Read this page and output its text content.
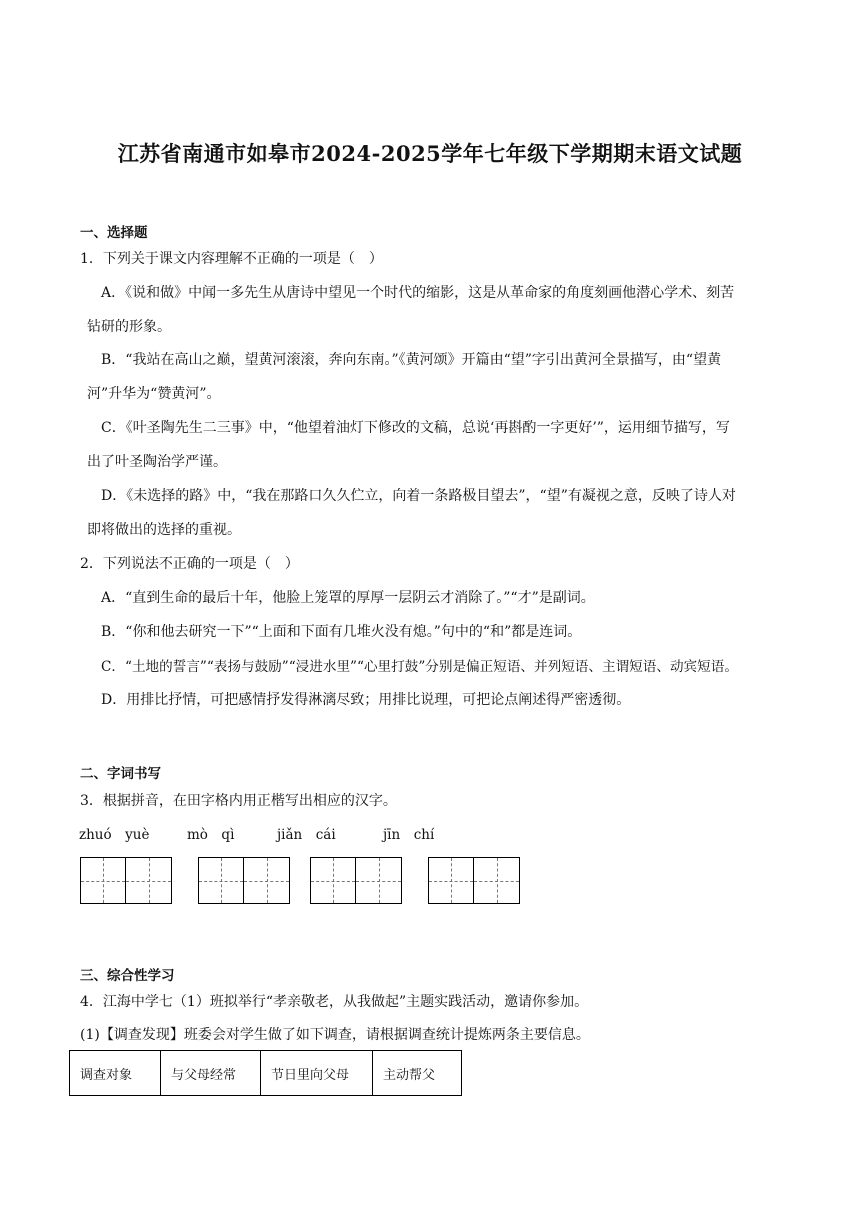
江苏省南通市如皋市2024-2025学年七年级下学期期末语文试题
一、选择题
1．下列关于课文内容理解不正确的一项是（　）
A．《说和做》中闻一多先生从唐诗中望见一个时代的缩影，这是从革命家的角度刻画他潜心学术、刻苦
钻研的形象。
B．“我站在高山之巅，望黄河滚滚，奔向东南。”《黄河颂》开篇由“望”字引出黄河全景描写，由“望黄
河”升华为“赞黄河”。
C．《叶圣陶先生二三事》中，“他望着油灯下修改的文稿，总说‘再斟酌一字更好’”，运用细节描写，写
出了叶圣陶治学严谨。
D．《未选择的路》中，“我在那路口久久伫立，向着一条路极目望去”，“望”有凝视之意，反映了诗人对
即将做出的选择的重视。
2．下列说法不正确的一项是（　）
A．“直到生命的最后十年，他脸上笼罩的厚厚一层阴云才消除了。”“才”是副词。
B．“你和他去研究一下”“上面和下面有几堆火没有熄。”句中的“和”都是连词。
C．“土地的誓言”“表扬与鼓励”“浸进水里”“心里打鼓”分别是偏正短语、并列短语、主谓短语、动宾短语。
D．用排比抒情，可把感情抒发得淋漓尽致；用排比说理，可把论点阐述得严密透彻。
二、字词书写
3．根据拼音，在田字格内用正楷写出相应的汉字。
zhuó　yuè	mò　qì	jiǎn　cái	jīn　chí
三、综合性学习
4．江海中学七（1）班拟举行“孝亲敬老，从我做起”主题实践活动，邀请你参加。
(1)【调查发现】班委会对学生做了如下调查，请根据调查统计提炼两条主要信息。
调查对象	与父母经常	节日里向父母	主动帮父
